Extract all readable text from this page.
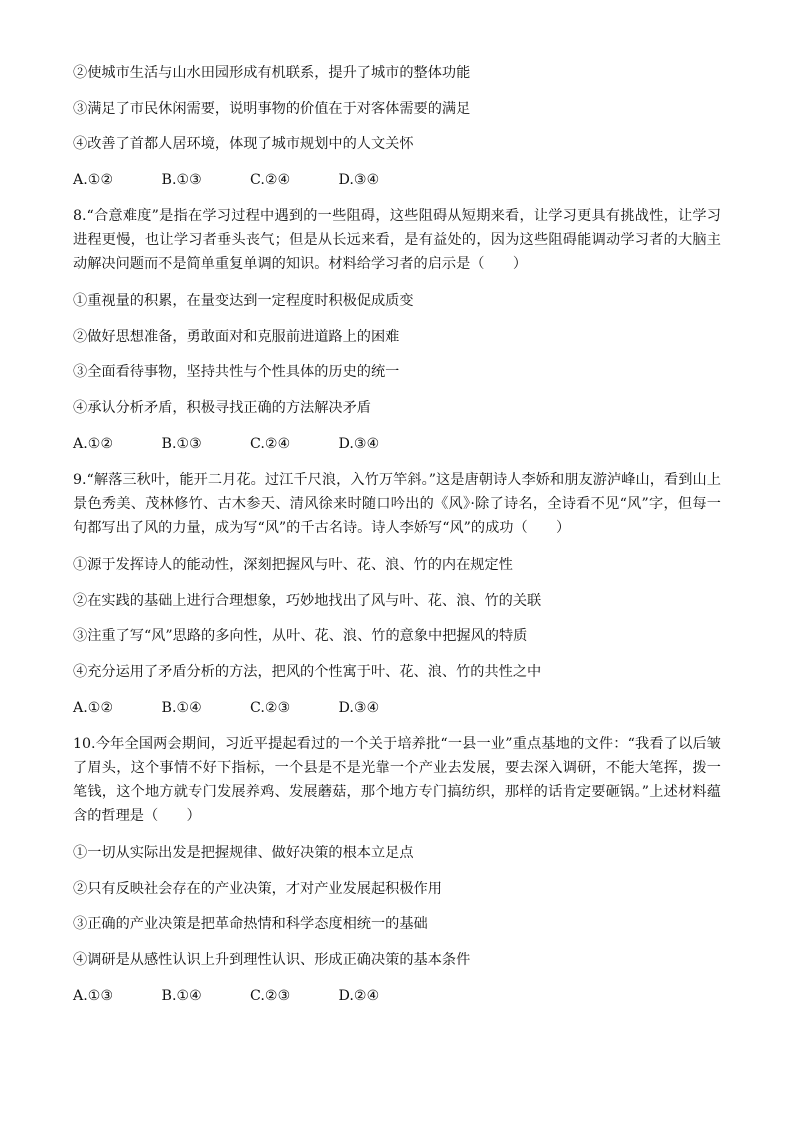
②使城市生活与山水田园形成有机联系，提升了城市的整体功能
③满足了市民休闲需要，说明事物的价值在于对客体需要的满足
④改善了首都人居环境，体现了城市规划中的人文关怀
A.①②	B.①③	C.②④	D.③④
8.“合意难度”是指在学习过程中遇到的一些阻碍，这些阻碍从短期来看，让学习更具有挑战性，让学习进程更慢，也让学习者垂头丧气；但是从长远来看，是有益处的，因为这些阻碍能调动学习者的大脑主动解决问题而不是简单重复单调的知识。材料给学习者的启示是（　　）
①重视量的积累，在量变达到一定程度时积极促成质变
②做好思想准备，勇敢面对和克服前进道路上的困难
③全面看待事物，坚持共性与个性具体的历史的统一
④承认分析矛盾，积极寻找正确的方法解决矛盾
A.①②	B.①③	C.②④	D.③④
9.“解落三秋叶，能开二月花。过江千尺浪，入竹万竿斜。”这是唐朝诗人李娇和朋友游泸峰山，看到山上景色秀美、茂林修竹、古木参天、清风徐来时随口吟出的《风》·除了诗名，全诗看不见“风”字，但每一句都写出了风的力量，成为写“风”的千古名诗。诗人李娇写“风”的成功（　　）
①源于发挥诗人的能动性，深刻把握风与叶、花、浪、竹的内在规定性
②在实践的基础上进行合理想象，巧妙地找出了风与叶、花、浪、竹的关联
③注重了写“风”思路的多向性，从叶、花、浪、竹的意象中把握风的特质
④充分运用了矛盾分析的方法，把风的个性寓于叶、花、浪、竹的共性之中
A.①②	B.①④	C.②③	D.③④
10.今年全国两会期间，习近平提起看过的一个关于培养批“一县一业”重点基地的文件：“我看了以后皱了眉头，这个事情不好下指标，一个县是不是光靠一个产业去发展，要去深入调研，不能大笔挥，拨一笔钱，这个地方就专门发展养鸡、发展蘑菇，那个地方专门搞纺织，那样的话肯定要砸锅。”上述材料蕴含的哲理是（　　）
①一切从实际出发是把握规律、做好决策的根本立足点
②只有反映社会存在的产业决策，才对产业发展起积极作用
③正确的产业决策是把革命热情和科学态度相统一的基础
④调研是从感性认识上升到理性认识、形成正确决策的基本条件
A.①③	B.①④	C.②③	D.②④
